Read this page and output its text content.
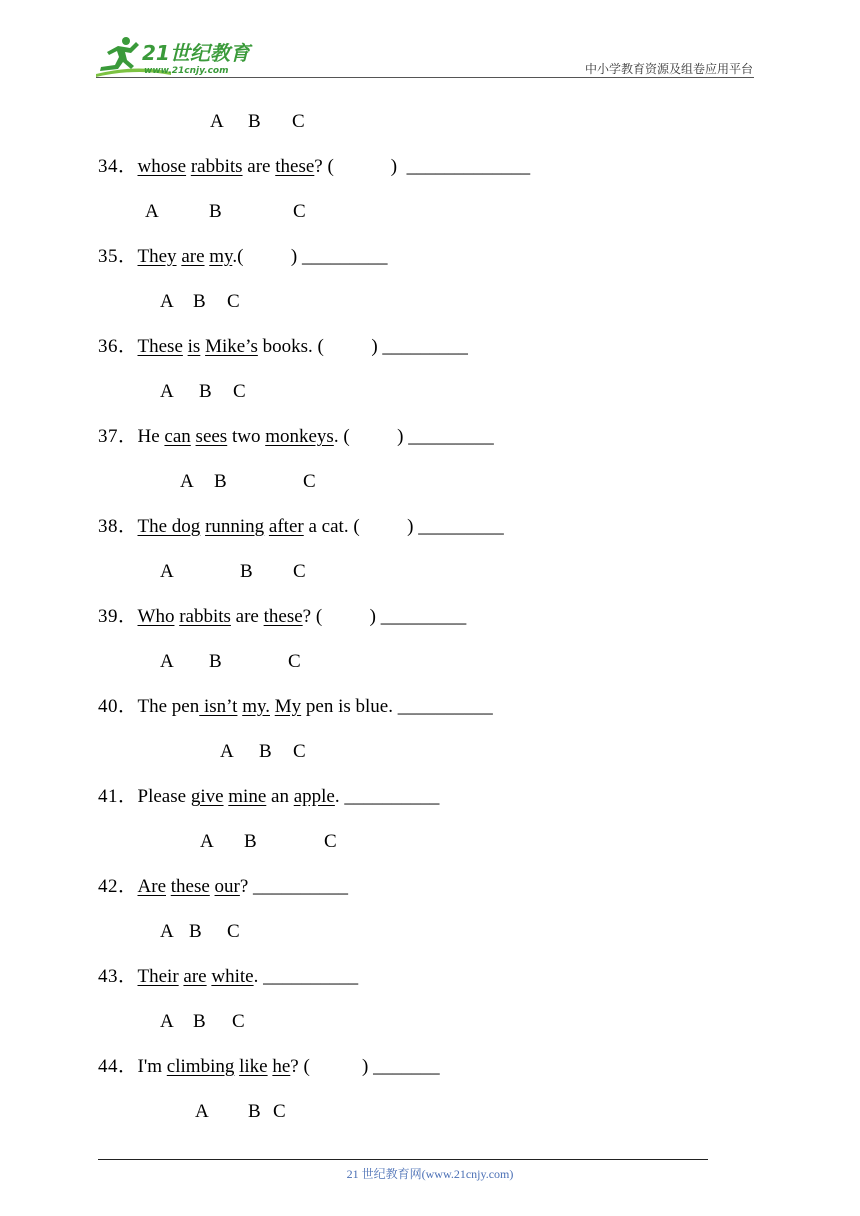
21世纪教育
www.21cnjy.com	中小学教育资源及组卷应用平台
A B C
34．whose rabbits are these? (            )  _____________
A	B	C
35．They are my.(          ) _________
A B C
36．These is Mike’s books. (          ) _________
A B C
37．He can sees two monkeys. (          ) _________
A B	C
38．The dog running after a cat. (          ) _________
A	B C
39．Who rabbits are these? (          ) _________
A B	C
40．The pen isn’t my. My pen is blue. __________
A B C
41．Please give mine an apple. __________
A B	C
42．Are these our? __________
A B C
43．Their are white. __________
A B C
44．I'm climbing like he? (           ) _______
A B C
21 世纪教育网(www.21cnjy.com)
